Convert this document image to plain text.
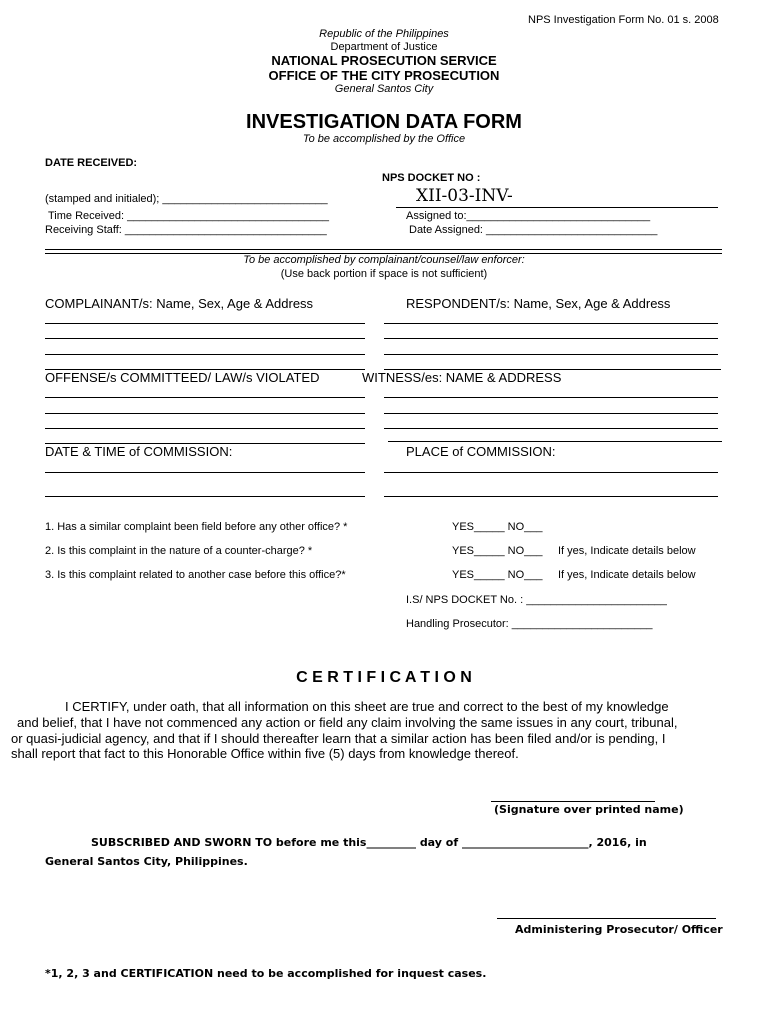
NPS Investigation Form No. 01 s. 2008
Republic of the Philippines
Department of Justice
NATIONAL PROSECUTION SERVICE
OFFICE OF THE CITY PROSECUTION
General Santos City
INVESTIGATION DATA FORM
To be accomplished by the Office
DATE RECEIVED:
NPS DOCKET NO :
(stamped and initialed); ___________________________	XII-03-INV-
Time Received: _________________________________	Assigned to:______________________________
Receiving Staff: _________________________________	Date Assigned: ____________________________
To be accomplished by complainant/counsel/law enforcer:
(Use back portion if space is not sufficient)
COMPLAINANT/s: Name, Sex, Age & Address	RESPONDENT/s: Name, Sex, Age & Address
OFFENSE/s COMMITTEED/ LAW/s VIOLATED	WITNESS/es: NAME & ADDRESS
DATE & TIME of COMMISSION:	PLACE of COMMISSION:
1. Has a similar complaint been field before any other office? *	YES_____ NO___
2. Is this complaint in the nature of a counter-charge? *	YES_____ NO___ If yes, Indicate details below
3. Is this complaint related to another case before this office?*	YES_____ NO___ If yes, Indicate details below
I.S/ NPS DOCKET No. : _______________________
Handling Prosecutor: _______________________
C E R T I F I C A T I O N
I CERTIFY, under oath, that all information on this sheet are true and correct to the best of my knowledge
and belief, that I have not commenced any action or field any claim involving the same issues in any court, tribunal,
or quasi-judicial agency, and that if I should thereafter learn that a similar action has been filed and/or is pending, I
shall report that fact to this Honorable Office within five (5) days from knowledge thereof.
(Signature over printed name)
SUBSCRIBED AND SWORN TO before me this_________ day of _______________________, 2016, in
General Santos City, Philippines.
Administering Prosecutor/ Officer
*1, 2, 3 and CERTIFICATION need to be accomplished for inquest cases.
